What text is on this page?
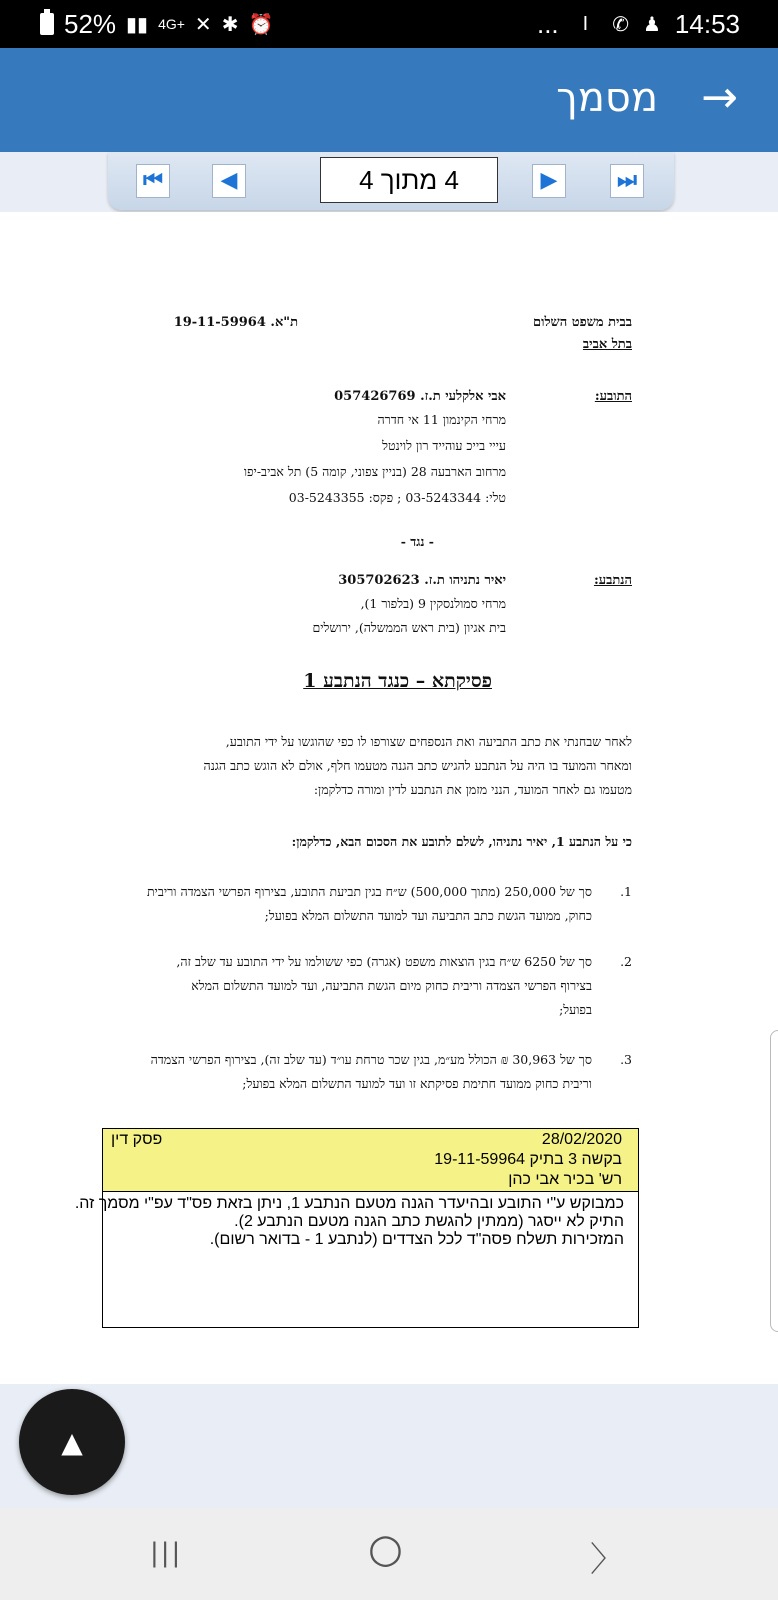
52% ▮▮ 4G+ ✕ ✱ ⏰	... I ✆ ♟ 14:53
→
מסמך
⏮	◀	4 מתוך 4	▶	⏭
בבית משפט השלום
בתל אביב
ת"א. 19-11-59964
התובע:
אבי אלקלעי ת.ז. 057426769
מרחי הקינמון 11 אי חדרה
עייי בייכ עוהייד רון לוינטל
מרחוב הארבעה 28 (בניין צפוני, קומה 5) תל אביב-יפו
טלי: 03-5243344 ; פקס: 03-5243355
- נגד -
הנתבע:
יאיר נתניהו ת.ז. 305702623
מרחי סמולנסקין 9 (בלפור 1),
בית אגיון (בית ראש הממשלה), ירושלים
פסיקתא – כנגד הנתבע 1
לאחר שבחנתי את כתב התביעה ואת הנספחים שצורפו לו כפי שהוגשו על ידי התובע,
ומאחר והמועד בו היה על הנתבע להגיש כתב הגנה מטעמו חלף, אולם לא הוגש כתב הגנה
מטעמו גם לאחר המועד, הנני מזמן את הנתבע לדין ומורה כדלקמן:
כי על הנתבע 1, יאיר נתניהו, לשלם לתובע את הסכום הבא, כדלקמן:
1.
סך של 250,000 (מתוך 500,000) ש״ח בגין תביעת התובע, בצירוף הפרשי הצמדה וריבית
כחוק, ממועד הגשת כתב התביעה ועד למועד התשלום המלא בפועל;
2.
סך של 6250 ש״ח בגין הוצאות משפט (אגרה) כפי ששולמו על ידי התובע עד שלב זה,
בצירוף הפרשי הצמדה וריבית כחוק מיום הגשת התביעה, ועד למועד התשלום המלא
בפועל;
3.
סך של 30,963 ₪ הכולל מע״מ, בגין שכר טרחת עו״ד (עד שלב זה), בצירוף הפרשי הצמדה
וריבית כחוק ממועד חתימת פסיקתא זו ועד למועד התשלום המלא בפועל;
28/02/2020
פסק דין
בקשה 3 בתיק 19-11-59964
רש' בכיר אבי כהן
כמבוקש ע"י התובע ובהיעדר הגנה מטעם הנתבע 1, ניתן בזאת פס"ד עפ"י מסמך זה.
התיק לא ייסגר (ממתין להגשת כתב הגנה מטעם הנתבע 2).
המזכירות תשלח פסה"ד לכל הצדדים (לנתבע 1 - בדואר רשום).
▲
|||	○	〉
